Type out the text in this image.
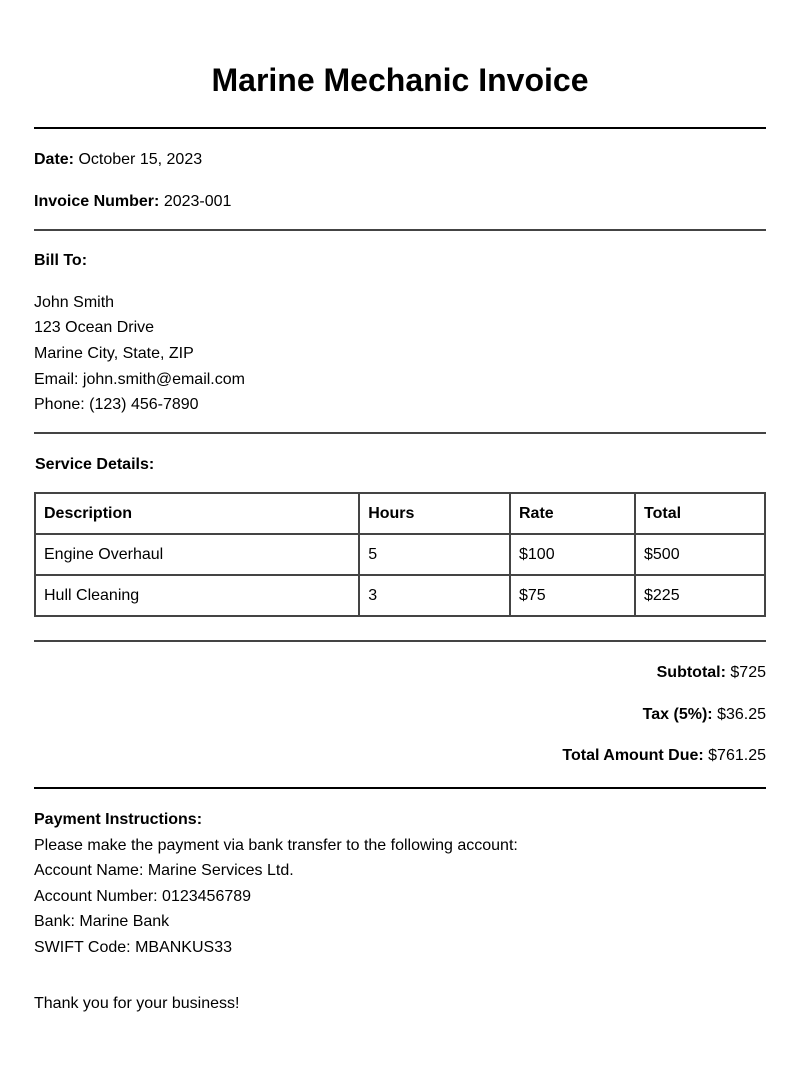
Marine Mechanic Invoice
Date: October 15, 2023
Invoice Number: 2023-001
Bill To:
John Smith
123 Ocean Drive
Marine City, State, ZIP
Email: john.smith@email.com
Phone: (123) 456-7890
Service Details:
Description	Hours	Rate	Total
Engine Overhaul	5	$100	$500
Hull Cleaning	3	$75	$225
Subtotal: $725
Tax (5%): $36.25
Total Amount Due: $761.25
Payment Instructions:
Please make the payment via bank transfer to the following account:
Account Name: Marine Services Ltd.
Account Number: 0123456789
Bank: Marine Bank
SWIFT Code: MBANKUS33
Thank you for your business!
